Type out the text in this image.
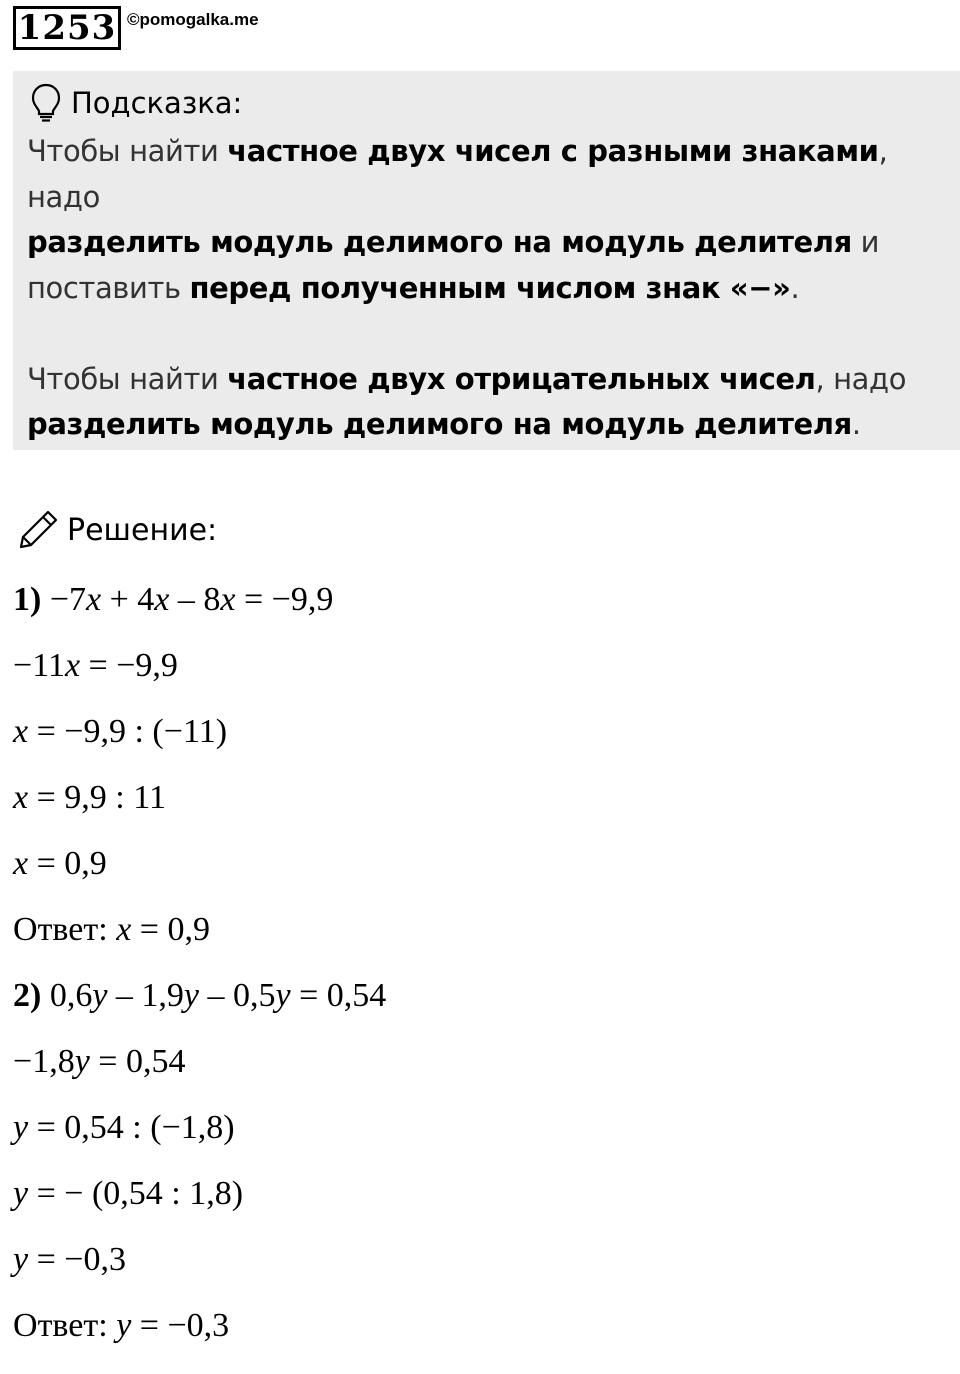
1253 ©pomogalka.me
Подсказка:

Чтобы найти частное двух чисел с разными знаками, надо
разделить модуль делимого на модуль делителя и
поставить перед полученным числом знак «−».

Чтобы найти частное двух отрицательных чисел, надо
разделить модуль делимого на модуль делителя.

Решение:
1) −7x + 4x – 8x = −9,9
−11x = −9,9
x = −9,9 : (−11)
x = 9,9 : 11
x = 0,9
Ответ: x = 0,9
2) 0,6y – 1,9y – 0,5y = 0,54
−1,8y = 0,54
y = 0,54 : (−1,8)
y = − (0,54 : 1,8)
y = −0,3
Ответ: y = −0,3
